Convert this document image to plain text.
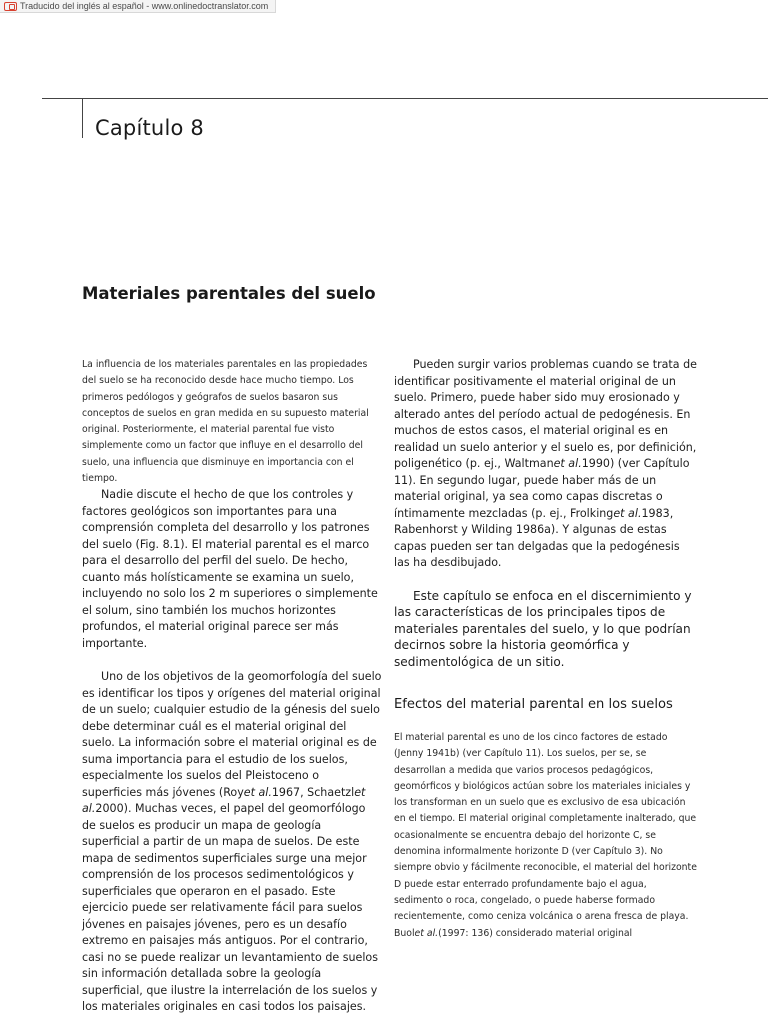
Traducido del inglés al español - www.onlinedoctranslator.com
Capítulo 8
Materiales parentales del suelo

La influencia de los materiales parentales en las propiedades del suelo se ha reconocido desde hace mucho tiempo. Los primeros pedólogos y geógrafos de suelos basaron sus conceptos de suelos en gran medida en su supuesto material original. Posteriormente, el material parental fue visto simplemente como un factor que influye en el desarrollo del suelo, una influencia que disminuye en importancia con el tiempo.

Nadie discute el hecho de que los controles y factores geológicos son importantes para una comprensión completa del desarrollo y los patrones del suelo (Fig. 8.1). El material parental es el marco para el desarrollo del perfil del suelo. De hecho, cuanto más holísticamente se examina un suelo, incluyendo no solo los 2 m superiores o simplemente el solum, sino también los muchos horizontes profundos, el material original parece ser más importante.

Uno de los objetivos de la geomorfología del suelo es identificar los tipos y orígenes del material original de un suelo; cualquier estudio de la génesis del suelo debe determinar cuál es el material original del suelo. La información sobre el material original es de suma importancia para el estudio de los suelos, especialmente los suelos del Pleistoceno o superficies más jóvenes (Royet al.1967, Schaetzlet al.2000). Muchas veces, el papel del geomorfólogo de suelos es producir un mapa de geología superficial a partir de un mapa de suelos. De este mapa de sedimentos superficiales surge una mejor comprensión de los procesos sedimentológicos y superficiales que operaron en el pasado. Este ejercicio puede ser relativamente fácil para suelos jóvenes en paisajes jóvenes, pero es un desafío extremo en paisajes más antiguos. Por el contrario, casi no se puede realizar un levantamiento de suelos sin información detallada sobre la geología superficial, que ilustre la interrelación de los suelos y los materiales originales en casi todos los paisajes.

Pueden surgir varios problemas cuando se trata de identificar positivamente el material original de un suelo. Primero, puede haber sido muy erosionado y alterado antes del período actual de pedogénesis. En muchos de estos casos, el material original es en realidad un suelo anterior y el suelo es, por definición, poligenético (p. ej., Waltmanet al.1990) (ver Capítulo 11). En segundo lugar, puede haber más de un material original, ya sea como capas discretas o íntimamente mezcladas (p. ej., Frolkinget al.1983, Rabenhorst y Wilding 1986a). Y algunas de estas capas pueden ser tan delgadas que la pedogénesis las ha desdibujado.

Este capítulo se enfoca en el discernimiento y las características de los principales tipos de materiales parentales del suelo, y lo que podrían decirnos sobre la historia geomórfica y sedimentológica de un sitio.

Efectos del material parental en los suelos

El material parental es uno de los cinco factores de estado (Jenny 1941b) (ver Capítulo 11). Los suelos, per se, se desarrollan a medida que varios procesos pedagógicos, geomórficos y biológicos actúan sobre los materiales iniciales y los transforman en un suelo que es exclusivo de esa ubicación en el tiempo. El material original completamente inalterado, que ocasionalmente se encuentra debajo del horizonte C, se denomina informalmente horizonte D (ver Capítulo 3). No siempre obvio y fácilmente reconocible, el material del horizonte D puede estar enterrado profundamente bajo el agua, sedimento o roca, congelado, o puede haberse formado recientemente, como ceniza volcánica o arena fresca de playa. Buolet al.(1997: 136) considerado material original
